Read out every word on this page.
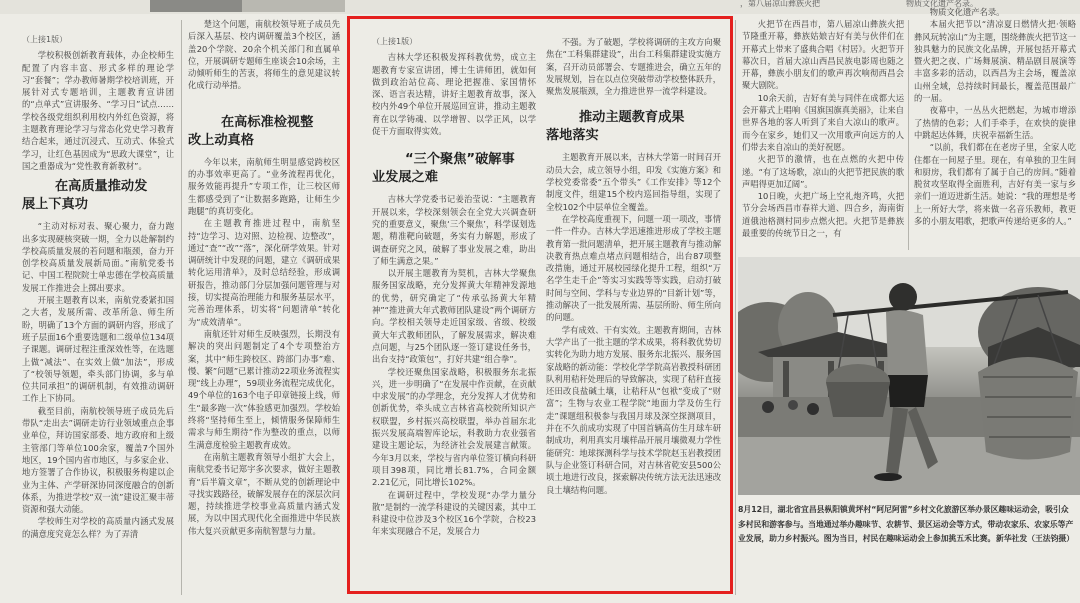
，第八届凉山彝族火把	物质文化遗产名录。
（上接1版）

学校积极创新教育载体，办企校师生配置了内容丰富、形式多样的理论学习“套餐”；学办教师暑期学校培训班，开展针对式专题培训，主题教育宣讲团的“点单式”宣讲服务、“学习日”试点……学校各级党组织利用校内外红色资源，将主题教育理论学习与常态化党史学习教育结合起来，通过沉浸式、互动式、体验式学习，让红色基因成为“思政大课堂”，让国之重器成为“党性教育新教材”。

在高质量推动发
展上下真功

“主动对标对表、聚心聚力，奋力跑出多实现硬核突破一期，全力以赴解制约学校高质量发展的若问题和瓶颈，奋力开创学校高质量发展新局面。”南航党委书记、中国工程院院士单忠德在学校高质量发展工作推进会上掷出要求。

开展主题教育以来，南航党委紧扣国之大者，发展所需、改革所急、师生所盼，明确了13个方面的调研内容，形成了班子层面16个重要选题和二级单位134项子课题。调研过程注重深效性等，在选题上做“减法”、在实效上做“加法”，形成了“校领导领题，牵头部门协调，多与单位共同承担”的调研机制，有效推动调研工作上下协同。

截至目前，南航校领导班子成员先后带队“走出去”调研走访行业领域重点企事业单位，拜访国家部委、地方政府和上级主管部门等单位100余家，覆盖7个国外地区，19个国内省市地区，与多家企业、地方签署了合作协议，积极服务构建以企业为主体、产学研深协同深度融合的创新体系，为推进学校“双一流”建设汇聚丰蒂资源和强大动能。

学校师生对学校的高质量内涵式发展的满意度究竟怎么样？为了弄清

楚这个问题，南航校领导班子成员先后深入基层、校内调研覆盖3个校区，涵盖20个学院、20余个机关部门和直属单位，开展调研专题师生座谈会10余场，主动倾听师生的苦衷，将师生的意见建议转化成行动举措。

在高标准检视整
改上动真格

今年以来，南航师生明显感觉跨校区的办事效率更高了。“业务流程再优化，服务效能再提升”专项工作，让三校区师生都感受到了“让数据多跑路，让师生少跑腿”的真切变化。

在主题教育推进过程中，南航坚持“边学习、边对照、边检视、边整改”，通过“查”“改”“落”，深化研学效果。针对调研统计中发现的问题，建立《调研成果转化运用清单》，及时总结经验，形成调研报告，推动部门分层加强问题管理与对接，切实提高治理能力和服务基层水平，完善治理体系，切实将“问题清单”转化为“成效清单”。

南航还针对师生反映强烈，长期没有解决的突出问题制定了4个专项整治方案，其中“师生跨校区、跨部门办事”难、慢、繁”问题”已累计推动22项业务流程实现“线上办理”，59项业务流程完成优化，49个单位的163个电子印章链接上线，师生“最多跑一次”体验感更加强烈。学校始终将“坚持师生至上，倾情服务保障师生需求与师生期待”作为整改的重点，以师生满意度检验主题教育成效。

在南航主题教育领导小组扩大会上，南航党委书记郑宇多次要求，做好主题教育“后半篇文章”，不断从党的创新理论中寻找实践路径，破解发展存在的深层次问题，持续推进学校事业高质量内涵式发展，为以中国式现代化全面推进中华民族伟大复兴贡献更多南航智慧与力量。

（上接1版）

吉林大学还积极发挥科教优势，成立主题教育专家宣讲团，博士生讲师团，就如何做到政治站位高、理论把握准、家国情怀深、语言表达精，讲好主题教育故事，深入校内外49个单位开展巡回宣讲，推动主题教育在以学铸魂、以学增智、以学正风，以学促干方面取得实效。

“三个聚焦”破解事
业发展之难

吉林大学党委书记姜治莹说：“主题教育开展以来，学校深刻领会在全党大兴调查研究的重要意义，聚焦‘三个聚焦’，科学谋划选题，精准靶向破题，务实有力解题，形成了调查研究之风，破解了事业发展之难，助出了师生满意之果。”

以开展主题教育为契机，吉林大学聚焦服务国家战略，充分发挥黄大年精神发源地的优势，研究确定了“传承弘扬黄大年精神”“推进黄大年式教师团队建设”两个调研方向。学校相关领导走近国家级、省级、校级黄大年式教师团队，了解发展需求，解决难点问题，与25个团队逐一签订建设任务书，出台支持“政策包”，打好共建“组合拳”。

学校还聚焦国家战略，积极服务东北振兴，进一步明确了“在发展中作贡献，在贡献中求发展”的办学理念，充分发挥人才优势和创新优势，牵头成立吉林省高校院所知识产权联盟，乡村振兴高校联盟，举办首届东北振兴发展高端智库论坛，科教助力农业强省建设主题论坛，为经济社会发展建言献策。今年3月以来，学校与省内单位签订横向科研项目398项，同比增长81.7%，合同金额2.21亿元，同比增长102%。

在调研过程中，学校发现“办学力量分散”是制约一流学科建设的关键因素，其中工科建设中位涉及3个校区16个学院，合校23年来实现融合不足，发展合力

不强。为了破题，学校将调研的主攻方向聚焦在“工科集群建设”，出台工科集群建设实施方案，召开动员部署会、专题推进会，确立五年的发展规划，旨在以点位突破带动学校整体跃升，聚焦发展瓶颈，全力推进世界一流学科建设。

推动主题教育成果
落地落实

主题教育开展以来，吉林大学第一时间召开动员大会，成立领导小组，印发《实施方案》和学校党委常委“五个带头”《工作安排》等12个制度文件，组建15个校内巡回指导组，实现了全校102个中层单位全覆盖。

在学校高度重视下，问题一项一项改，事情一件一件办。吉林大学迅速推进形成了学校主题教育第一批问题清单，把开展主题教育与推动解决教育热点难点堵点问题相结合，出台87项整改措施，通过开展校园绿化提升工程，组织“万名学生走千企”等实习实践等等实践，启动打破时间与空间、学科与专业边界的“目新计划”等，推动解决了一批发展所需、基层所盼、师生所向的问题。

学有成效、干有实效。主题教育期间，吉林大学产出了一批主题的学术成果，将科教优势切实转化为助力地方发展、服务东北振兴、服务国家战略的新动能：学校化学学院高岩教授科研团队利用秸秆处理后的导致解决，实现了秸秆直接还田改良盐碱土壤，让秸秆从“包袱”变成了“财富”；生物与农业工程学院“地面力学及仿生行走”课题组积极参与我国月球及深空探测项目，并在不久前成功实现了中国首辆高仿生月球车研制成功，利用真实月壤样品开展月壤微观力学性能研究：地球探测科学与技术学院赵玉岩教授团队与企业签订科研合同，对吉林省乾安县500公顷土地进行改良，探索解决传统方法无法迅速改良土壤结构问题。

火把节在西昌市，第八届凉山彝族火把节隆重开幕，彝族姑娘吉好有美与伙伴们在开幕式上带来了盛典合唱《村居》。火把节开幕次日，首届大凉山西昌民族电影周也随之开幕，彝族小朋友们的歌声再次响彻西昌会聚大剧院。

10余天前，吉好有美与同伴在成都大运会开幕式上唱响《国旗国旗真美丽》，让来自世界各地的客人听到了来自大凉山的歌声。而今在家乡，她们又一次用歌声向远方的人们带去来自凉山的美好祝愿。

火把节的激情，也在点燃的火把中传递。“有了这场歌，凉山的火把节把民族的歌声唱得更加辽阔”。

10日晚，火把广场上空礼炮齐鸣，火把节分会场西昌市春祥大道、四合乡，海南街道俄池格测村同步点燃火把。火把节是彝族最重要的传统节日之一，有

物质文化遗产名录。

本届火把节以“清凉夏日燃情火把·领略彝风玩转凉山”为主题，围绕彝族火把节这一独具魅力的民族文化品牌，开展包括开幕式暨火把之夜、广场舞展演、精品剧目展演等丰富多彩的活动，以西昌为主会场，覆盖凉山州全域，总持续时间最长，覆盖范围最广的一届。

夜幕中，一丛丛火把燃起，为城市增添了热情的色彩；人们手牵手，在欢快的旋律中跳起达体舞，庆祝幸福新生活。

“以前，我们都在在老房子里，全家人吃住都在一间屋子里。现在，有单独的卫生间和厨房，我们都有了属于自己的房间。”随着脱贫攻坚取得全面胜利，吉好有美一家与乡亲们一道迈进新生活。她说：“我的理想是考上一所好大学，将来做一名音乐教师，教更多的小朋友唱歌，把歌声传递给更多的人。”

8月12日，湖北省宜昌县枞阳镇黄坪村“阿尼阿雷”乡村文化旅游区举办景区趣味运动会，吸引众多村民和游客参与。当地通过举办趣味节、农耕节、景区运动会等方式，带动农家乐、农家乐等产业发展，助力乡村振兴。图为当日，村民在趣味运动会上参加挑五禾比赛。 新华社发（王法钧摄）
